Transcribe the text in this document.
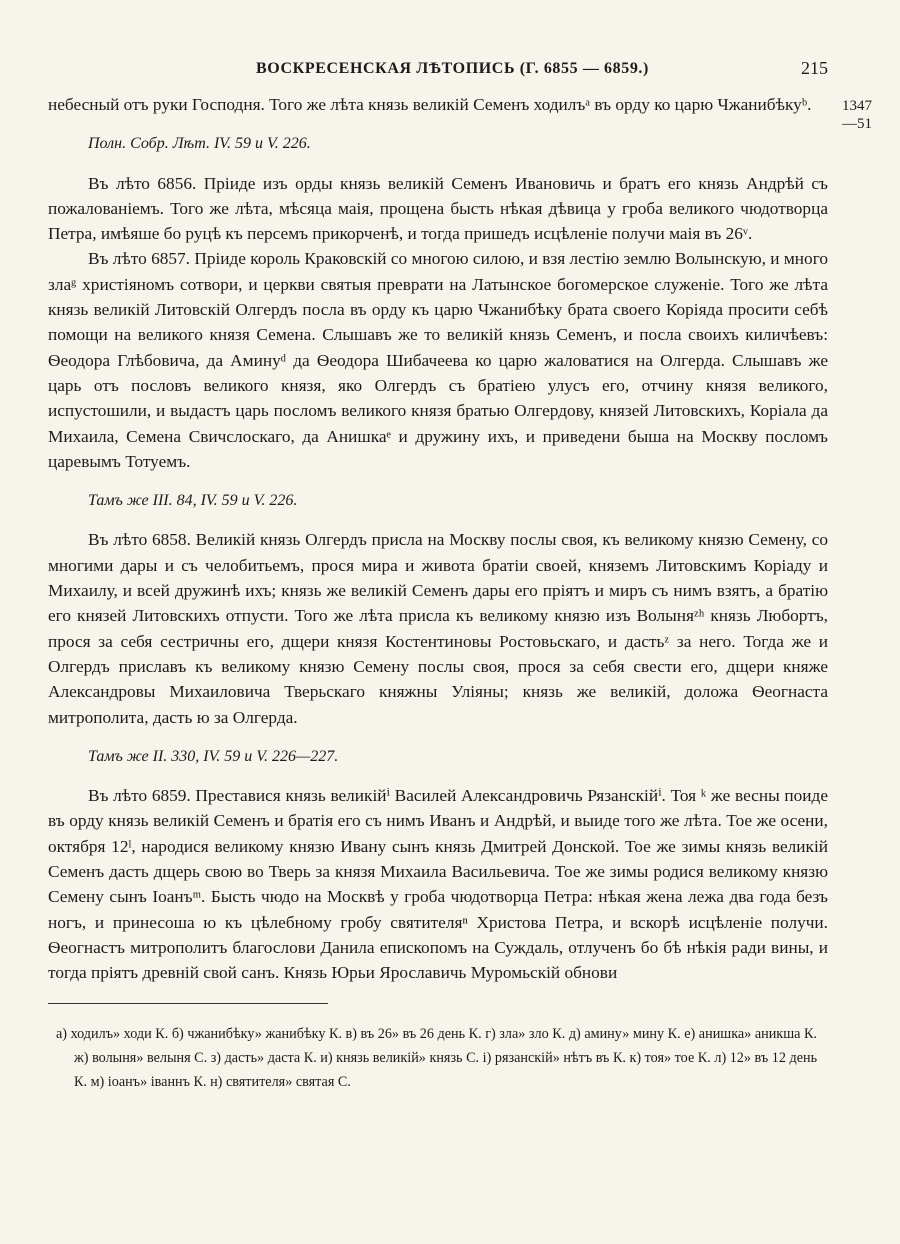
ВОСКРЕСЕНСКАЯ ЛѢТОПИСЬ (Г. 6855 — 6859.)	215
1347
—51

небесный отъ руки Господня. Того же лѣта князь великій Семенъ ходилъᵃ въ орду ко царю Чжанибѣкуᵇ.

Полн. Собр. Лѣт. IV. 59 и V. 226.

Въ лѣто 6856. Пріиде изъ орды князь великій Семенъ Ивановичь и братъ его князь Андрѣй съ пожалованіемъ. Того же лѣта, мѣсяца маія, прощена бысть нѣкая дѣвица у гроба великого чюдотворца Петра, имѣяше бо руцѣ къ персемъ прикорченѣ, и тогда пришедъ исцѣленіе получи маія въ 26ᵛ.

Въ лѣто 6857. Пріиде король Краковскій со многою силою, и взя лестію землю Волынскую, и много злаᵍ христіяномъ сотвори, и церкви святыя преврати на Латынское богомерское служеніе. Того же лѣта князь великій Литовскій Олгердъ посла въ орду къ царю Чжанибѣку брата своего Коріяда просити себѣ помощи на великого князя Семена. Слышавъ же то великій князь Семенъ, и посла своихъ киличѣевъ: Ѳеодора Глѣбовича, да Аминуᵈ да Ѳеодора Шибачеева ко царю жаловатися на Олгерда. Слышавъ же царь отъ пословъ великого князя, яко Олгердъ съ братіею улусъ его, отчину князя великого, испустошили, и выдастъ царь посломъ великого князя братью Олгердову, князей Литовскихъ, Коріала да Михаила, Семена Свичслоскаго, да Анишкаᵉ и дружину ихъ, и приведени быша на Москву посломъ царевымъ Тотуемъ.

Тамъ же III. 84, IV. 59 и V. 226.

Въ лѣто 6858. Великій князь Олгердъ присла на Москву послы своя, къ великому князю Семену, со многими дары и съ челобитьемъ, прося мира и живота братіи своей, княземъ Литовскимъ Коріаду и Михаилу, и всей дружинѣ ихъ; князь же великій Семенъ дары его пріятъ и миръ съ нимъ взятъ, а братію его князей Литовскихъ отпусти. Того же лѣта присла къ великому князю изъ Волыняᶻʰ князь Любортъ, прося за себя сестричны его, дщери князя Костентиновы Ростовьскаго, и дастьᶻ за него. Тогда же и Олгердъ приславъ къ великому князю Семену послы своя, прося за себя свести его, дщери княже Александровы Михаиловича Тверьскаго княжны Уліяны; князь же великій, доложа Ѳеогнаста митрополита, дасть ю за Олгерда.

Тамъ же II. 330, IV. 59 и V. 226—227.

Въ лѣто 6859. Преставися князь великійⁱ Василей Александровичь Рязанскійⁱ. Тоя ᵏ же весны поиде въ орду князь великій Семенъ и братія его съ нимъ Иванъ и Андрѣй, и выиде того же лѣта. Тое же осени, октября 12ˡ, народися великому князю Ивану сынъ князь Дмитрей Донской. Тое же зимы князь великій Семенъ дасть дщерь свою во Тверь за князя Михаила Васильевича. Тое же зимы родися великому князю Семену сынъ Іоанъᵐ. Бысть чюдо на Москвѣ у гроба чюдотворца Петра: нѣкая жена лежа два года безъ ногъ, и принесоша ю къ цѣлебному гробу святителяⁿ Христова Петра, и вскорѣ исцѣленіе получи. Ѳеогнастъ митрополитъ благослови Данила епископомъ на Суждаль, отлученъ бо бѣ нѣкія ради вины, и тогда пріятъ древній свой санъ. Князь Юрьи Ярославичь Муромьскій обнови

а) ходилъ» ходи К. б) чжанибѣку» жанибѣку К. в) въ 26» въ 26 день К. г) зла» зло К. д) амину» мину К. е) анишка» аникша К. ж) волыня» велыня С. з) дасть» даста К. и) князь великій» князь С. і) рязанскій» нѣтъ въ К. к) тоя» тое К. л) 12» въ 12 день К. м) іоанъ» іваннъ К. н) святителя» святая С.
